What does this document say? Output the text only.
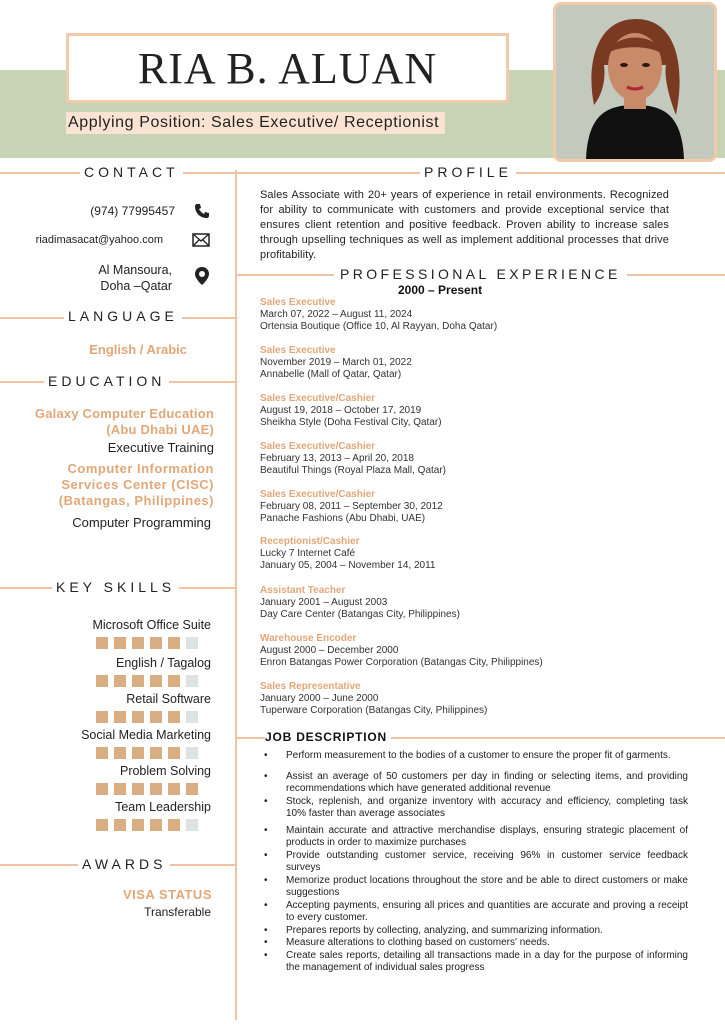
RIA B. ALUAN
Applying Position: Sales Executive/ Receptionist
CONTACT
(974) 77995457
riadimasacat@yahoo.com
Al Mansoura,
Doha –Qatar
LANGUAGE
English / Arabic
EDUCATION
Galaxy Computer Education
(Abu Dhabi UAE)
Executive Training
Computer Information
Services Center (CISC)
(Batangas, Philippines)
Computer Programming
KEY SKILLS
Microsoft Office Suite
English / Tagalog
Retail Software
Social Media Marketing
Problem Solving
Team Leadership
AWARDS
VISA STATUS
Transferable
PROFILE
Sales Associate with 20+ years of experience in retail environments. Recognized for ability to communicate with customers and provide exceptional service that ensures client retention and positive feedback. Proven ability to increase sales through upselling techniques as well as implement additional processes that drive profitability.
PROFESSIONAL EXPERIENCE
2000 – Present
Sales Executive
March 07, 2022 – August 11, 2024
Ortensia Boutique (Office 10, Al Rayyan, Doha Qatar)
Sales Executive
November 2019 – March 01, 2022
Annabelle (Mall of Qatar, Qatar)
Sales Executive/Cashier
August 19, 2018 – October 17, 2019
Sheikha Style (Doha Festival City, Qatar)
Sales Executive/Cashier
February 13, 2013 – April 20, 2018
Beautiful Things (Royal Plaza Mall, Qatar)
Sales Executive/Cashier
February 08, 2011 – September 30, 2012
Panache Fashions (Abu Dhabi, UAE)
Receptionist/Cashier
Lucky 7 Internet Café
January 05, 2004 – November 14, 2011
Assistant Teacher
January 2001 – August 2003
Day Care Center (Batangas City, Philippines)
Warehouse Encoder
August 2000 – December 2000
Enron Batangas Power Corporation (Batangas City, Philippines)
Sales Representative
January 2000 – June 2000
Tuperware Corporation (Batangas City, Philippines)
JOB DESCRIPTION
• Perform measurement to the bodies of a customer to ensure the proper fit of garments.
• Assist an average of 50 customers per day in finding or selecting items, and providing recommendations which have generated additional revenue
• Stock, replenish, and organize inventory with accuracy and efficiency, completing task 10% faster than average associates
• Maintain accurate and attractive merchandise displays, ensuring strategic placement of products in order to maximize purchases
• Provide outstanding customer service, receiving 96% in customer service feedback surveys
• Memorize product locations throughout the store and be able to direct customers or make suggestions
• Accepting payments, ensuring all prices and quantities are accurate and proving a receipt to every customer.
• Prepares reports by collecting, analyzing, and summarizing information.
• Measure alterations to clothing based on customers' needs.
• Create sales reports, detailing all transactions made in a day for the purpose of informing the management of individual sales progress
